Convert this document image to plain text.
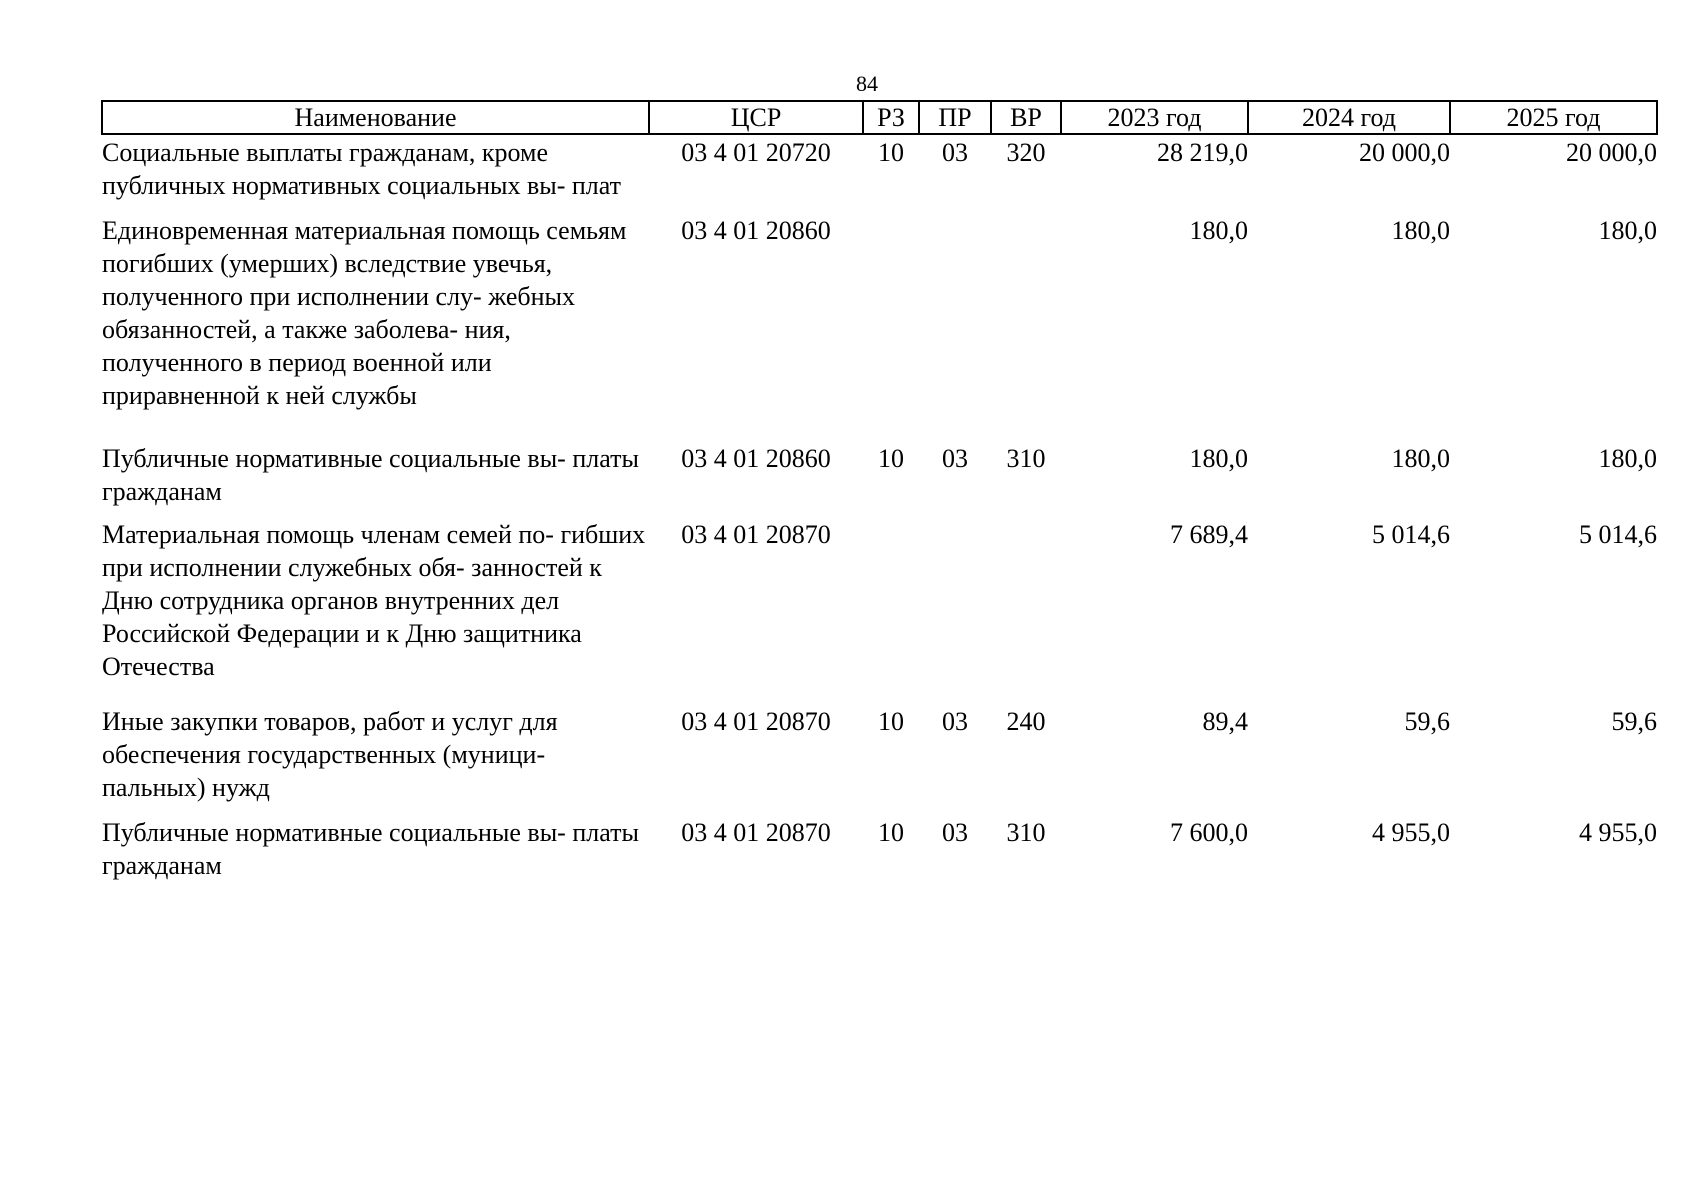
84
Наименование	ЦСР	РЗ	ПР	ВР	2023 год	2024 год	2025 год
Социальные выплаты гражданам, кроме публичных нормативных социальных вы- плат	03 4 01 20720	10	03	320	28 219,0	20 000,0	20 000,0
Единовременная материальная помощь семьям погибших (умерших) вследствие увечья, полученного при исполнении слу- жебных обязанностей, а также заболева- ния, полученного в период военной или приравненной к ней службы	03 4 01 20860				180,0	180,0	180,0
Публичные нормативные социальные вы- платы гражданам	03 4 01 20860	10	03	310	180,0	180,0	180,0
Материальная помощь членам семей по- гибших при исполнении служебных обя- занностей к Дню сотрудника органов внутренних дел Российской Федерации и к Дню защитника Отечества	03 4 01 20870				7 689,4	5 014,6	5 014,6
Иные закупки товаров, работ и услуг для обеспечения государственных (муници- пальных) нужд	03 4 01 20870	10	03	240	89,4	59,6	59,6
Публичные нормативные социальные вы- платы гражданам	03 4 01 20870	10	03	310	7 600,0	4 955,0	4 955,0
